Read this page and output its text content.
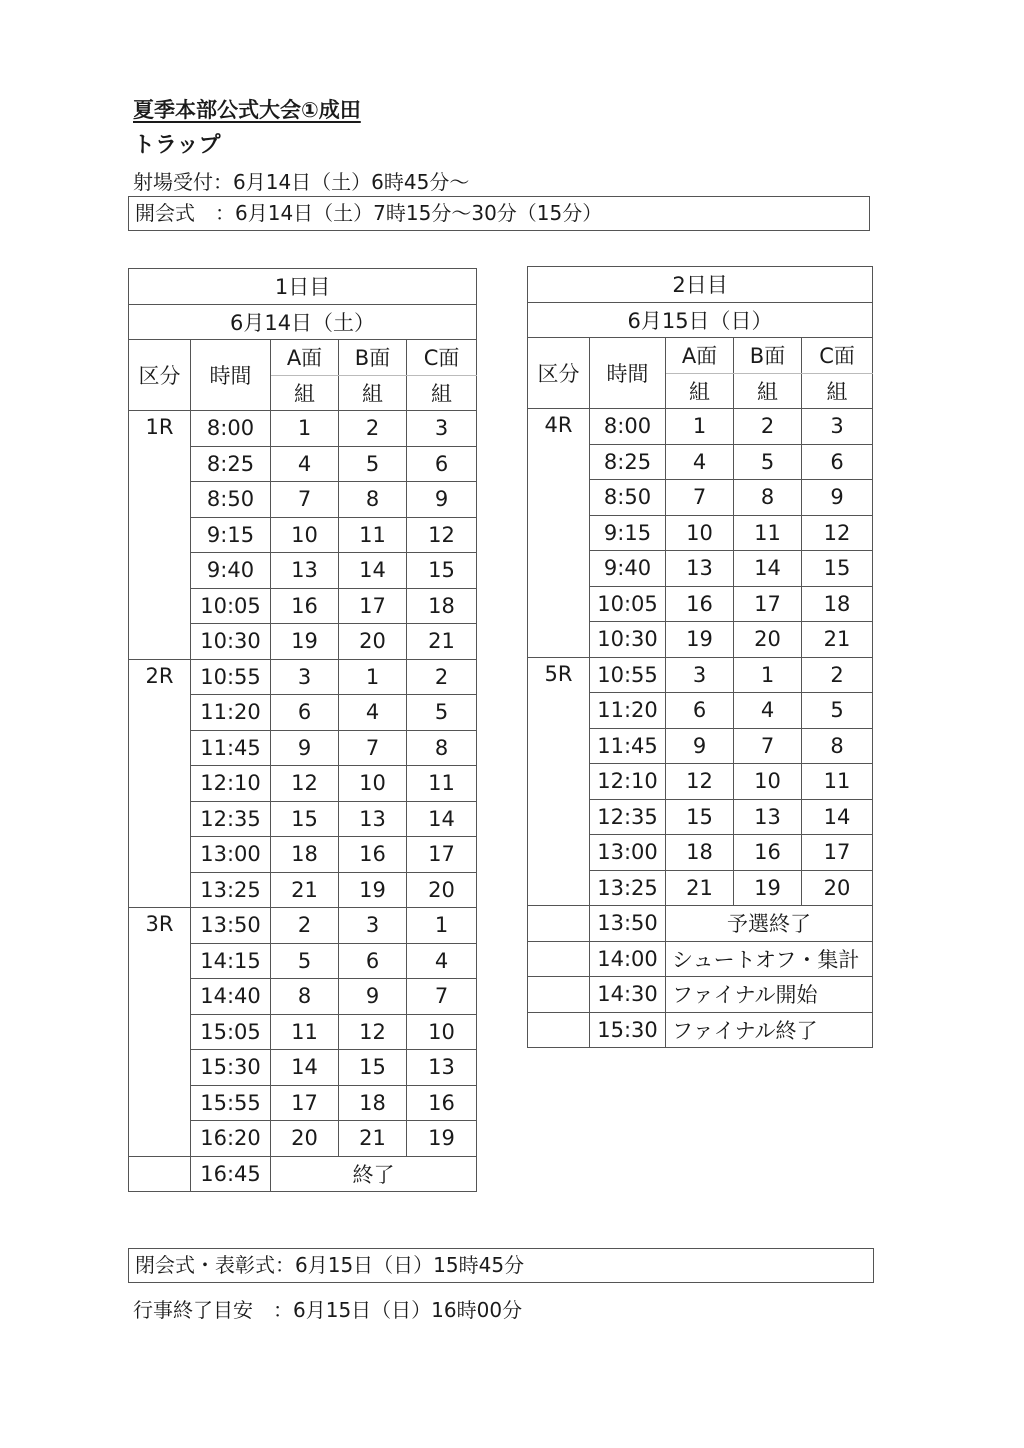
夏季本部公式大会①成田
トラップ
射場受付：6月14日（土）6時45分～
開会式　：6月14日（土）7時15分～30分（15分）
1日目				
6月14日（土）				
区分	時間	A面	B面	C面
		組	組	組
1R	8:00	1	2	3
	8:25	4	5	6
	8:50	7	8	9
	9:15	10	11	12
	9:40	13	14	15
	10:05	16	17	18
	10:30	19	20	21
2R	10:55	3	1	2
	11:20	6	4	5
	11:45	9	7	8
	12:10	12	10	11
	12:35	15	13	14
	13:00	18	16	17
	13:25	21	19	20
3R	13:50	2	3	1
	14:15	5	6	4
	14:40	8	9	7
	15:05	11	12	10
	15:30	14	15	13
	15:55	17	18	16
	16:20	20	21	19
	16:45	終了		
2日目				
6月15日（日）				
区分	時間	A面	B面	C面
		組	組	組
4R	8:00	1	2	3
	8:25	4	5	6
	8:50	7	8	9
	9:15	10	11	12
	9:40	13	14	15
	10:05	16	17	18
	10:30	19	20	21
5R	10:55	3	1	2
	11:20	6	4	5
	11:45	9	7	8
	12:10	12	10	11
	12:35	15	13	14
	13:00	18	16	17
	13:25	21	19	20
	13:50	予選終了		
	14:00	シュートオフ・集計		
	14:30	ファイナル開始		
	15:30	ファイナル終了		
閉会式・表彰式：6月15日（日）15時45分
行事終了目安　：6月15日（日）16時00分
